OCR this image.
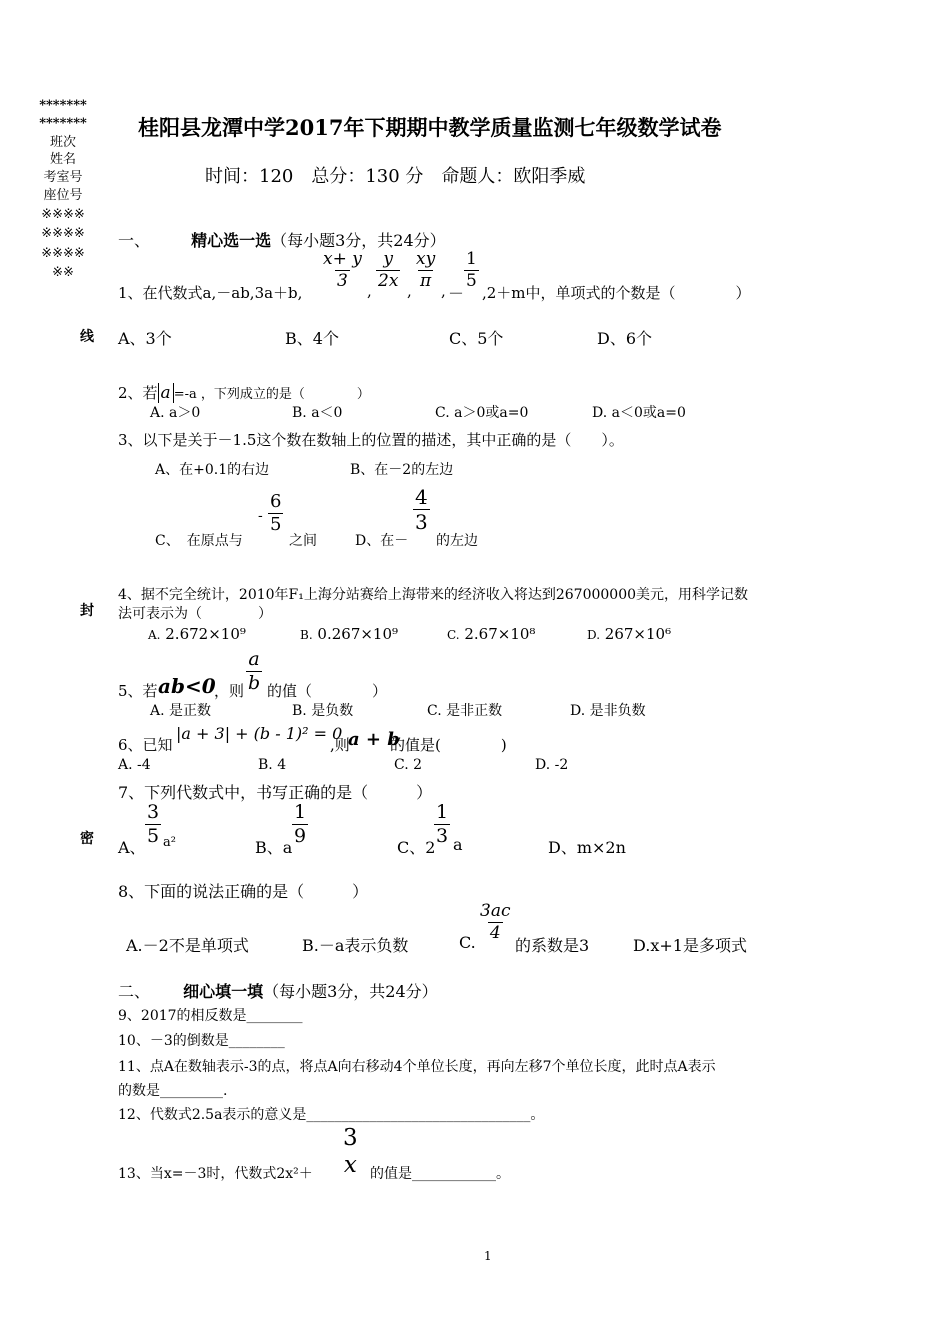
*******
*******
班次
姓名
考室号
座位号
※※※※
※※※※
※※※※
※※
线
封
密
桂阳县龙潭中学2017年下期期中教学质量监测七年级数学试卷
时间：120　总分：130 分　命题人：欧阳季威
一、	精心选一选（每小题3分，共24分）
1、在代数式a,－ab,3a＋b,
$\frac{x+ y}{3}$
,
$\frac{y}{2x}$
,
$\frac{xy}{\pi}$
, －
$\frac{1}{5}$
,2＋m中，单项式的个数是（　　　　）
A、3个	B、4个	C、5个	D、6个
2、若 a =-a ，下列成立的是（　　　　）
A. a＞0	B. a＜0	C. a＞0或a=0	D. a＜0或a=0
3、以下是关于－1.5这个数在数轴上的位置的描述，其中正确的是（　　）。
A、在+0.1的右边	B、在－2的左边
C、　在原点与
- $\frac{6}{5}$
之间	D、在－
$\frac{4}{3}$
的左边
4、据不完全统计，2010年F₁上海分站赛给上海带来的经济收入将达到267000000美元，用科学记数
法可表示为（　　　　）
A. 2.672×10⁹	B. 0.267×10⁹	C. 2.67×10⁸	D. 267×10⁶
5、若 ab<0
，则 $\frac{a}{b}$ 的值（　　　　）
A. 是正数	B. 是负数	C. 是非正数	D. 是非负数
6、已知
|a + 3| + (b - 1)² = 0
,则
a + b
的值是(　　　　)
A. -4	B. 4	C. 2	D. -2
7、下列代数式中，书写正确的是（　　　）
A、
$\frac{3}{5} a^2$	B、a
$\frac{1}{9}$
C、2
$\frac{1}{3}$ a	D、m×2n
8、下面的说法正确的是（　　　）
A.－2不是单项式	B.－a表示负数	C.
$\frac{3ac}{4}$
的系数是3	D.x+1是多项式
二、 细心填一填（每小题3分，共24分）
9、2017的相反数是________
10、－3的倒数是________
11、点A在数轴表示-3的点，将点A向右移动4个单位长度，再向左移7个单位长度，此时点A表示
的数是_________.
12、代数式2.5a表示的意义是________________________________。
13、当x=－3时，代数式2x²＋
3
x 的值是____________。
1
